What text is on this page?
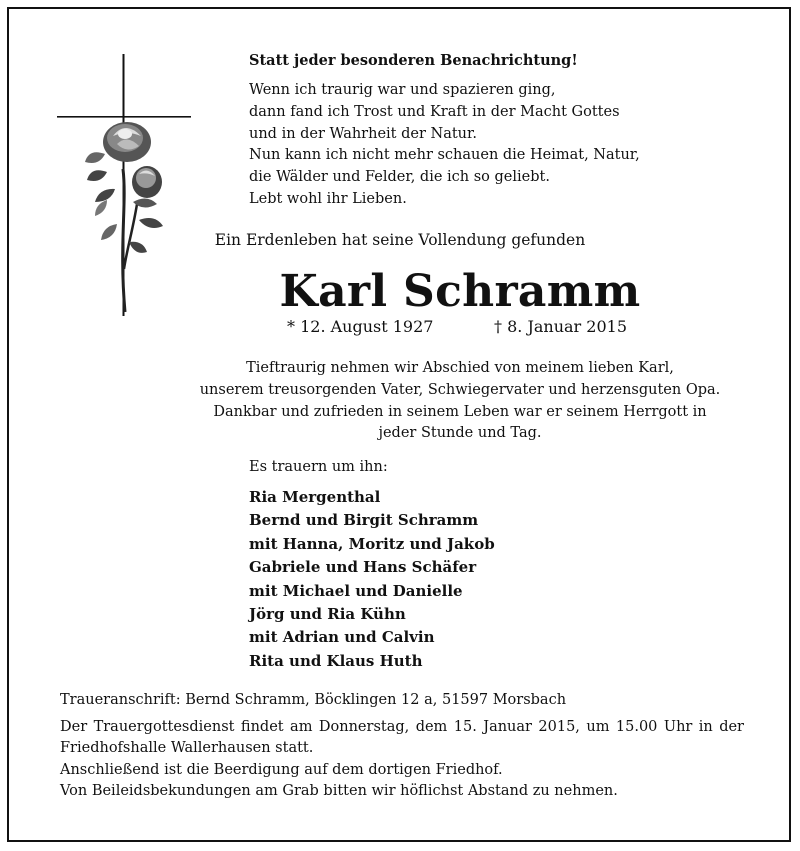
Statt jeder besonderen Benachrichtung!

Wenn ich traurig war und spazieren ging,
dann fand ich Trost und Kraft in der Macht Gottes
und in der Wahrheit der Natur.
Nun kann ich nicht mehr schauen die Heimat, Natur,
die Wälder und Felder, die ich so geliebt.
Lebt wohl ihr Lieben.

Ein Erdenleben hat seine Vollendung gefunden

Karl Schramm

* 12. August 1927	† 8. Januar 2015

Tieftraurig nehmen wir Abschied von meinem lieben Karl,
unserem treusorgenden Vater, Schwiegervater und herzensguten Opa.
Dankbar und zufrieden in seinem Leben war er seinem Herrgott in
jeder Stunde und Tag.

Es trauern um ihn:

Ria Mergenthal
Bernd und Birgit Schramm
mit Hanna, Moritz und Jakob
Gabriele und Hans Schäfer
mit Michael und Danielle
Jörg und Ria Kühn
mit Adrian und Calvin
Rita und Klaus Huth

Traueranschrift: Bernd Schramm, Böcklingen 12 a, 51597 Morsbach

Der Trauergottesdienst findet am Donnerstag, dem 15. Januar 2015, um 15.00 Uhr in der
Friedhofshalle Wallerhausen statt.
Anschließend ist die Beerdigung auf dem dortigen Friedhof.
Von Beileidsbekundungen am Grab bitten wir höflichst Abstand zu nehmen.
